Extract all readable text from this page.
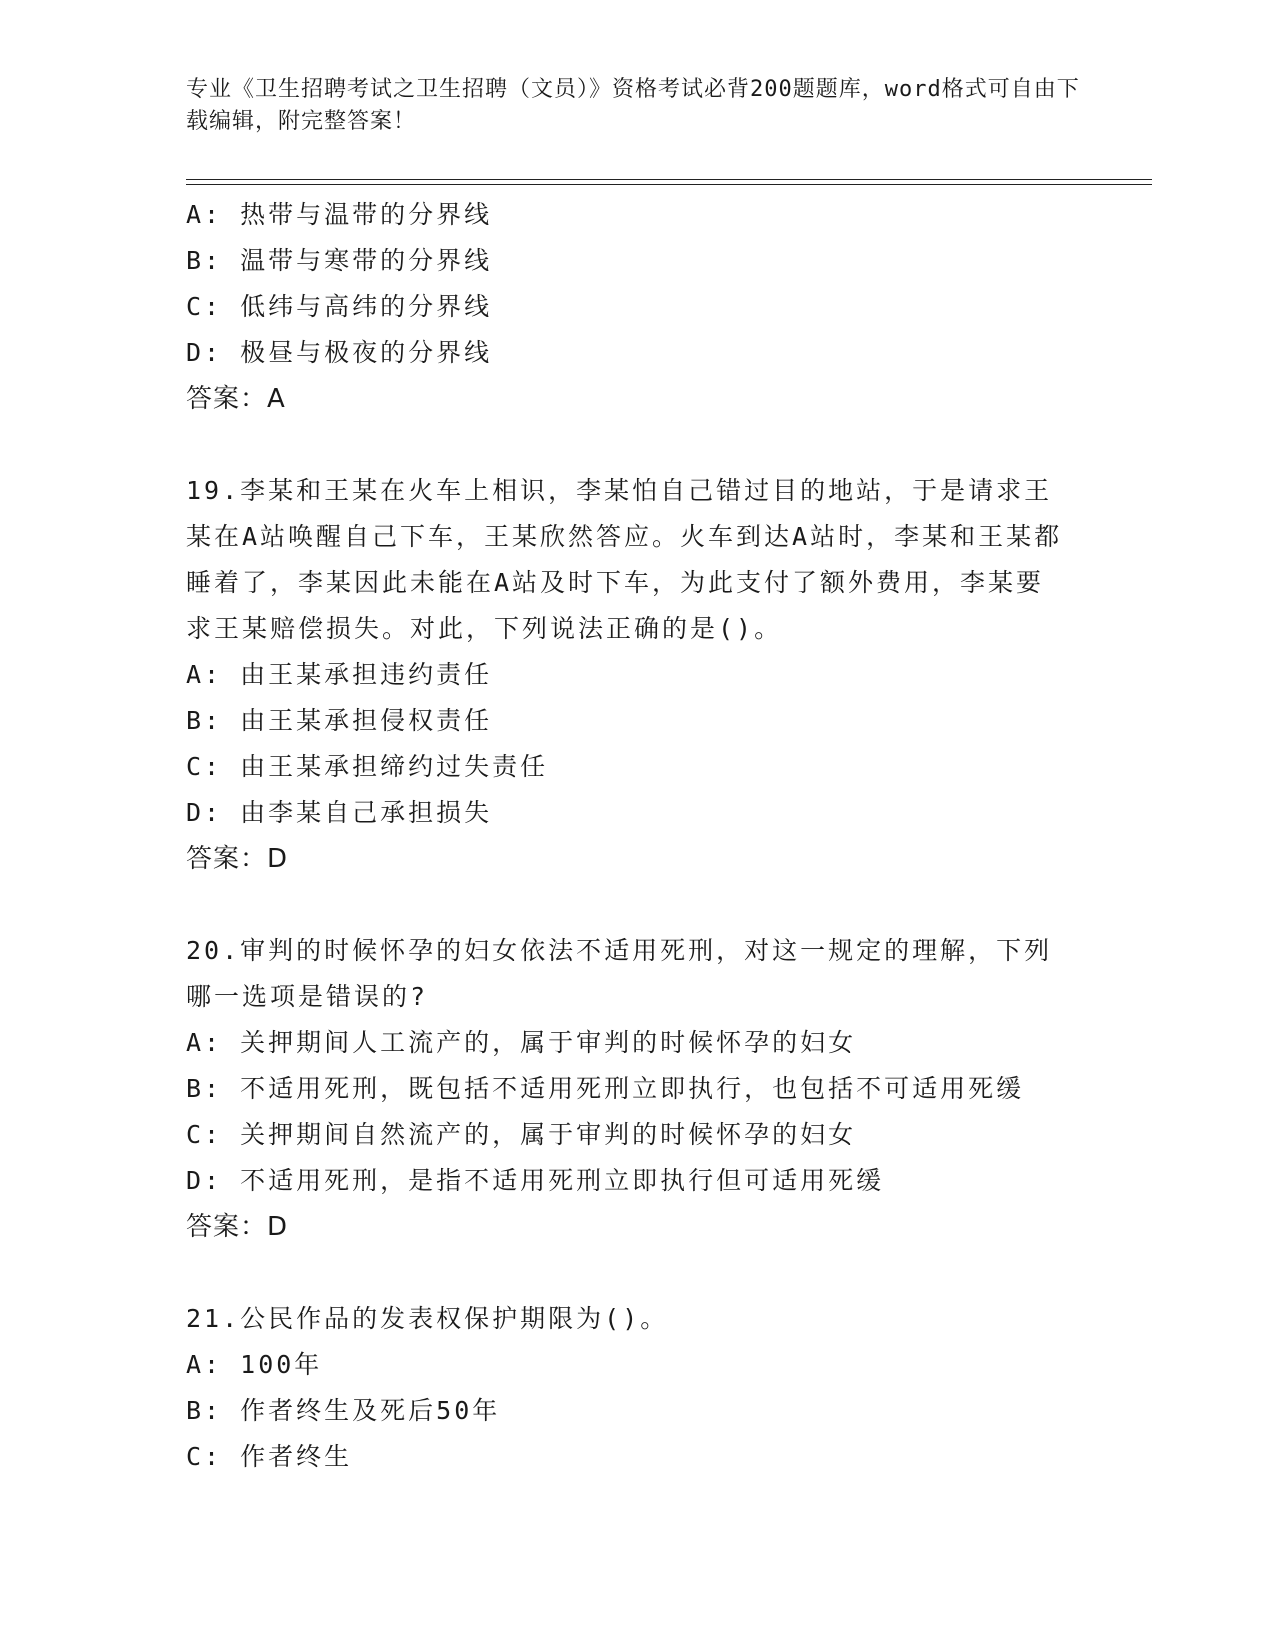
专业《卫生招聘考试之卫生招聘（文员）》资格考试必背200题题库，word格式可自由下载编辑，附完整答案！
A: 热带与温带的分界线
B: 温带与寒带的分界线
C: 低纬与高纬的分界线
D: 极昼与极夜的分界线
答案：A
19.李某和王某在火车上相识，李某怕自己错过目的地站，于是请求王某在A站唤醒自己下车，王某欣然答应。火车到达A站时，李某和王某都睡着了，李某因此未能在A站及时下车，为此支付了额外费用，李某要求王某赔偿损失。对此，下列说法正确的是()。
A: 由王某承担违约责任
B: 由王某承担侵权责任
C: 由王某承担缔约过失责任
D: 由李某自己承担损失
答案：D
20.审判的时候怀孕的妇女依法不适用死刑，对这一规定的理解，下列哪一选项是错误的?
A: 关押期间人工流产的，属于审判的时候怀孕的妇女
B: 不适用死刑，既包括不适用死刑立即执行，也包括不可适用死缓
C: 关押期间自然流产的，属于审判的时候怀孕的妇女
D: 不适用死刑，是指不适用死刑立即执行但可适用死缓
答案：D
21.公民作品的发表权保护期限为()。
A: 100年
B: 作者终生及死后50年
C: 作者终生
